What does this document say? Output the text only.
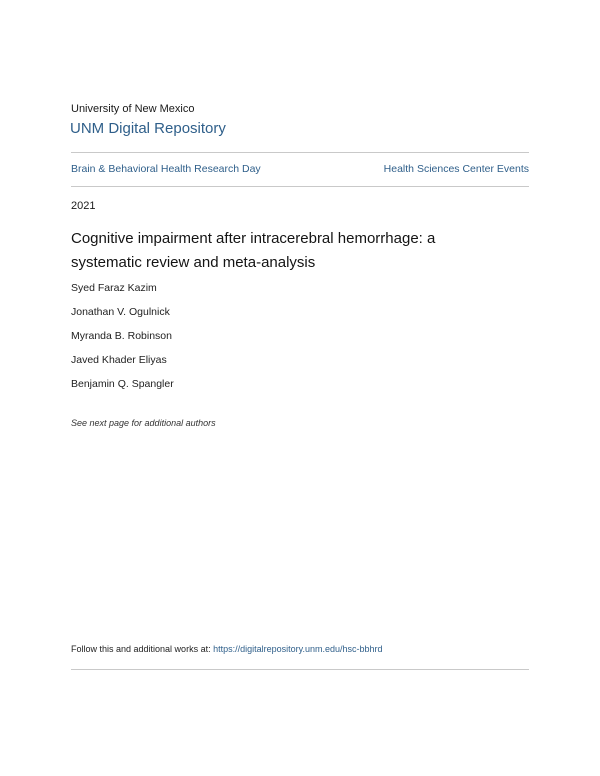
University of New Mexico
UNM Digital Repository
Brain & Behavioral Health Research Day	Health Sciences Center Events
2021
Cognitive impairment after intracerebral hemorrhage: a systematic review and meta-analysis
Syed Faraz Kazim
Jonathan V. Ogulnick
Myranda B. Robinson
Javed Khader Eliyas
Benjamin Q. Spangler
See next page for additional authors
Follow this and additional works at: https://digitalrepository.unm.edu/hsc-bbhrd
